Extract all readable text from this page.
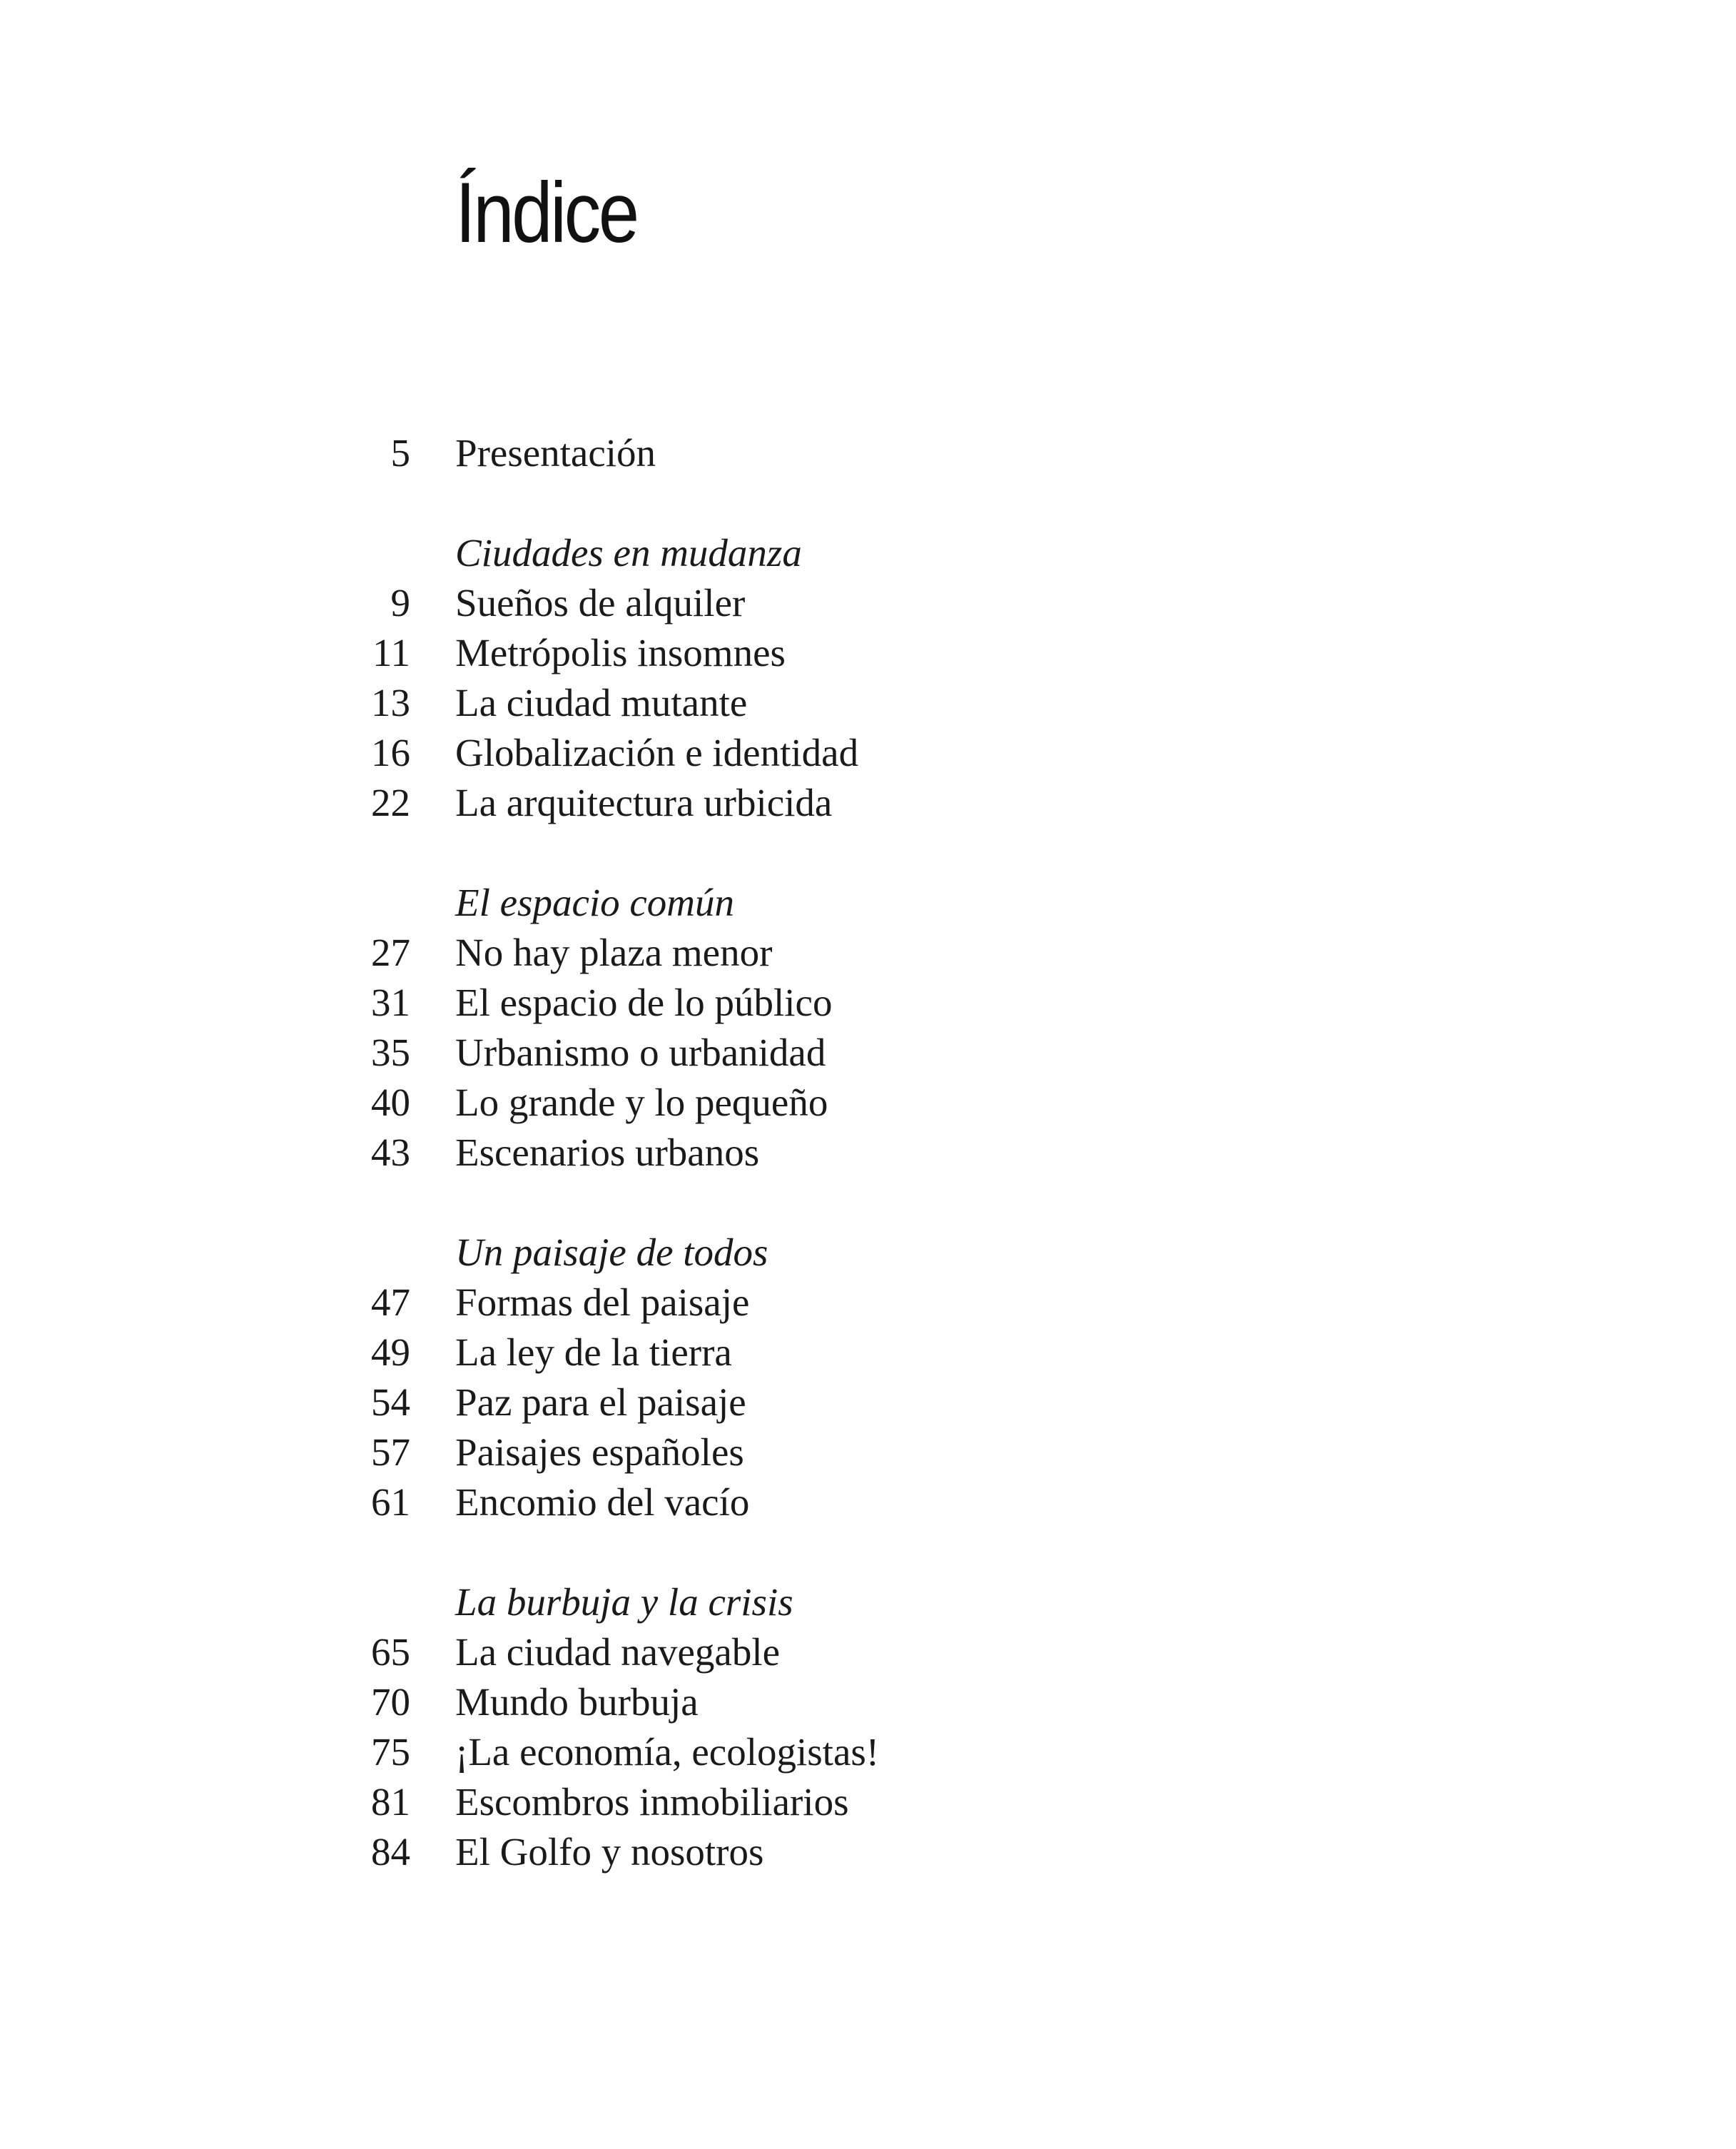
Índice
5 Presentación
Ciudades en mudanza
9 Sueños de alquiler
11 Metrópolis insomnes
13 La ciudad mutante
16 Globalización e identidad
22 La arquitectura urbicida
El espacio común
27 No hay plaza menor
31 El espacio de lo público
35 Urbanismo o urbanidad
40 Lo grande y lo pequeño
43 Escenarios urbanos
Un paisaje de todos
47 Formas del paisaje
49 La ley de la tierra
54 Paz para el paisaje
57 Paisajes españoles
61 Encomio del vacío
La burbuja y la crisis
65 La ciudad navegable
70 Mundo burbuja
75 ¡La economía, ecologistas!
81 Escombros inmobiliarios
84 El Golfo y nosotros
